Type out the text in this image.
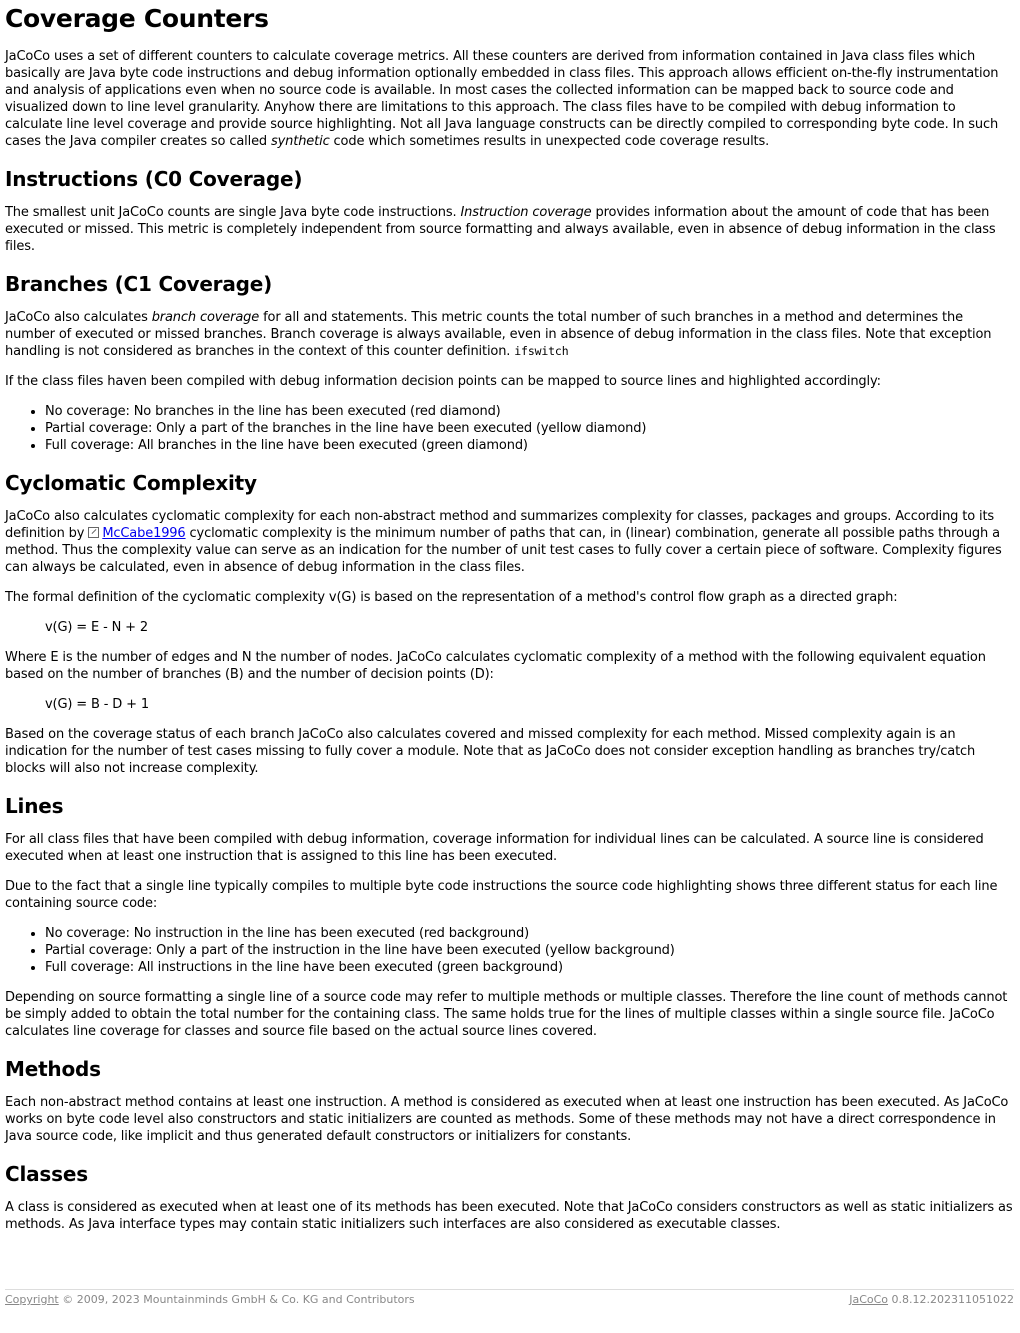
Coverage Counters

JaCoCo uses a set of different counters to calculate coverage metrics. All these counters are derived from information contained in Java class files which basically are Java byte code instructions and debug information optionally embedded in class files. This approach allows efficient on-the-fly instrumentation and analysis of applications even when no source code is available. In most cases the collected information can be mapped back to source code and visualized down to line level granularity. Anyhow there are limitations to this approach. The class files have to be compiled with debug information to calculate line level coverage and provide source highlighting. Not all Java language constructs can be directly compiled to corresponding byte code. In such cases the Java compiler creates so called synthetic code which sometimes results in unexpected code coverage results.

Instructions (C0 Coverage)

The smallest unit JaCoCo counts are single Java byte code instructions. Instruction coverage provides information about the amount of code that has been executed or missed. This metric is completely independent from source formatting and always available, even in absence of debug information in the class files.

Branches (C1 Coverage)

JaCoCo also calculates branch coverage for all and statements. This metric counts the total number of such branches in a method and determines the number of executed or missed branches. Branch coverage is always available, even in absence of debug information in the class files. Note that exception handling is not considered as branches in the context of this counter definition. ifswitch

If the class files haven been compiled with debug information decision points can be mapped to source lines and highlighted accordingly:

• No coverage: No branches in the line has been executed (red diamond)
• Partial coverage: Only a part of the branches in the line have been executed (yellow diamond)
• Full coverage: All branches in the line have been executed (green diamond)
Cyclomatic Complexity

JaCoCo also calculates cyclomatic complexity for each non-abstract method and summarizes complexity for classes, packages and groups. According to its definition by McCabe1996 cyclomatic complexity is the minimum number of paths that can, in (linear) combination, generate all possible paths through a method. Thus the complexity value can serve as an indication for the number of unit test cases to fully cover a certain piece of software. Complexity figures can always be calculated, even in absence of debug information in the class files.

The formal definition of the cyclomatic complexity v(G) is based on the representation of a method's control flow graph as a directed graph:

v(G) = E - N + 2

Where E is the number of edges and N the number of nodes. JaCoCo calculates cyclomatic complexity of a method with the following equivalent equation based on the number of branches (B) and the number of decision points (D):

v(G) = B - D + 1

Based on the coverage status of each branch JaCoCo also calculates covered and missed complexity for each method. Missed complexity again is an indication for the number of test cases missing to fully cover a module. Note that as JaCoCo does not consider exception handling as branches try/catch blocks will also not increase complexity.

Lines

For all class files that have been compiled with debug information, coverage information for individual lines can be calculated. A source line is considered executed when at least one instruction that is assigned to this line has been executed.

Due to the fact that a single line typically compiles to multiple byte code instructions the source code highlighting shows three different status for each line containing source code:

• No coverage: No instruction in the line has been executed (red background)
• Partial coverage: Only a part of the instruction in the line have been executed (yellow background)
• Full coverage: All instructions in the line have been executed (green background)

Depending on source formatting a single line of a source code may refer to multiple methods or multiple classes. Therefore the line count of methods cannot be simply added to obtain the total number for the containing class. The same holds true for the lines of multiple classes within a single source file. JaCoCo calculates line coverage for classes and source file based on the actual source lines covered.

Methods

Each non-abstract method contains at least one instruction. A method is considered as executed when at least one instruction has been executed. As JaCoCo works on byte code level also constructors and static initializers are counted as methods. Some of these methods may not have a direct correspondence in Java source code, like implicit and thus generated default constructors or initializers for constants.

Classes

A class is considered as executed when at least one of its methods has been executed. Note that JaCoCo considers constructors as well as static initializers as methods. As Java interface types may contain static initializers such interfaces are also considered as executable classes.

Copyright © 2009, 2023 Mountainminds GmbH & Co. KG and Contributors	JaCoCo 0.8.12.202311051022
